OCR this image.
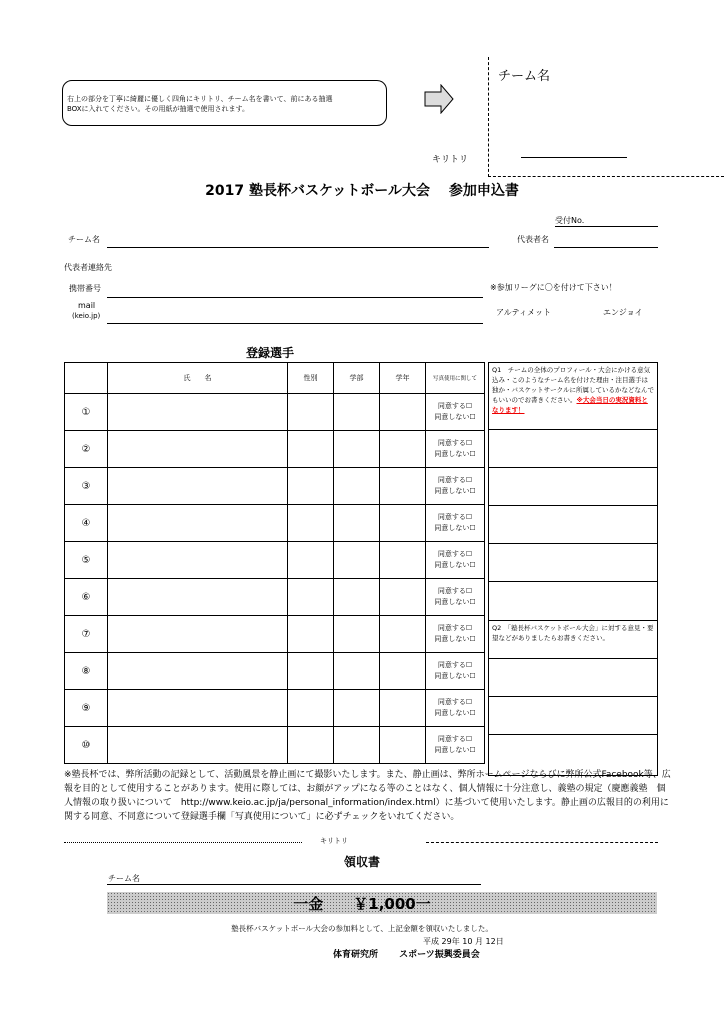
右上の部分を丁寧に綺麗に優しく四角にキリトリ、チーム名を書いて、前にある抽選
BOXに入れてください。その用紙が抽選で使用されます。
チーム名
キリトリ
2017 塾長杯バスケットボール大会　 参加申込書
受付No.
チーム名	代表者名
代表者連絡先
携帯番号	※参加リーグに〇を付けて下さい！
mail
(keio.jp)	アルティメット	エンジョイ
登録選手
	氏　　名	性別	学部	学年	写真使用に関して
①					同意する☐
同意しない☐

②					同意する☐
同意しない☐

③					同意する☐
同意しない☐

④					同意する☐
同意しない☐

⑤					同意する☐
同意しない☐

⑥					同意する☐
同意しない☐

⑦					同意する☐
同意しない☐

⑧					同意する☐
同意しない☐

⑨					同意する☐
同意しない☐

⑩					同意する☐
同意しない☐
Q1　チームの全体のプロフィール・大会にかける意気込み・このようなチーム名を付けた理由・注目選手は独か・バスケットサークルに所属しているかなどなんでもいいのでお書きください。※大会当日の実況資料となります！

Q2　「塾長杯バスケットボール大会」に対する意見・要望などがありましたらお書きください。

※塾長杯では、弊所活動の記録として、活動風景を静止画にて撮影いたします。また、静止画は、弊所ホームページならびに弊所公式Facebook等、広報を目的として使用することがあります。使用に際しては、お顔がアップになる等のことはなく、個人情報に十分注意し、義塾の規定（慶應義塾　個人情報の取り扱いについて　http://www.keio.ac.jp/ja/personal_information/index.html）に基づいて使用いたします。静止画の広報目的の利用に関する同意、不同意について登録選手欄「写真使用について」に必ずチェックをいれてください。
キリトリ
領収書
チーム名
一金　　￥1,000一
塾長杯バスケットボール大会の参加料として、上記金額を領収いたしました。
平成 29年 10 月 12日
体育研究所　　 スポーツ振興委員会
